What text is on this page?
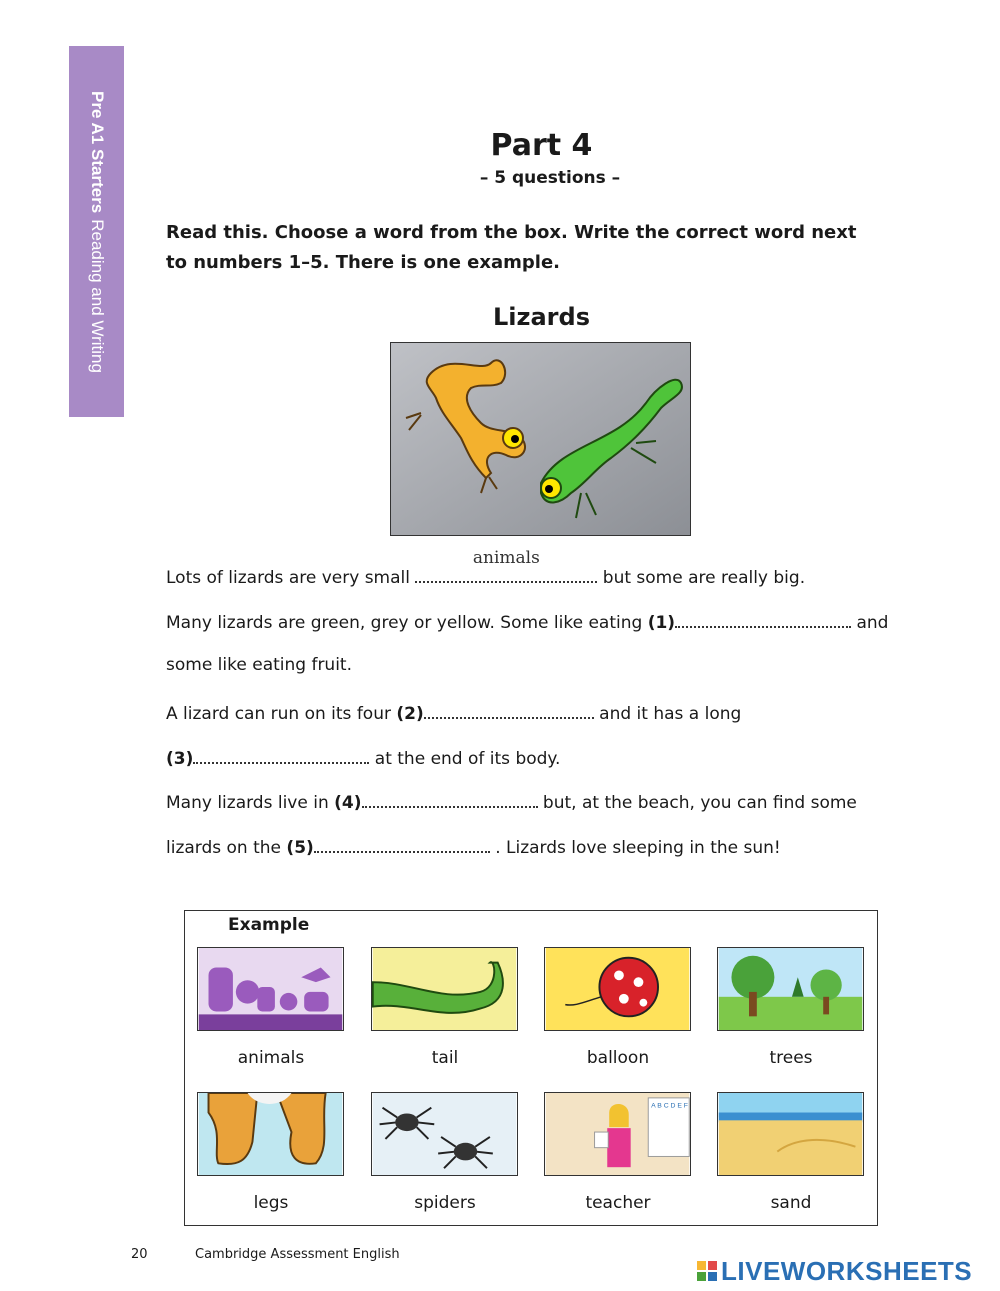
Pre A1 StartersReading and Writing
Part 4
– 5 questions –
Read this. Choose a word from the box. Write the correct word next to numbers 1–5. There is one example.
Lizards
Lots of lizards are very small
animals
but some are really big.
Many lizards are green, grey or yellow. Some like eating (1)	and
some like eating fruit.
A lizard can run on its four (2)	and it has a long
(3)	at the end of its body.
Many lizards live in (4)	but, at the beach, you can find some
lizards on the (5)	. Lizards love sleeping in the sun!
Example
animals	tail	balloon	trees
A B C D E F
legs	spiders	teacher	sand
20	Cambridge Assessment English
LIVEWORKSHEETS
